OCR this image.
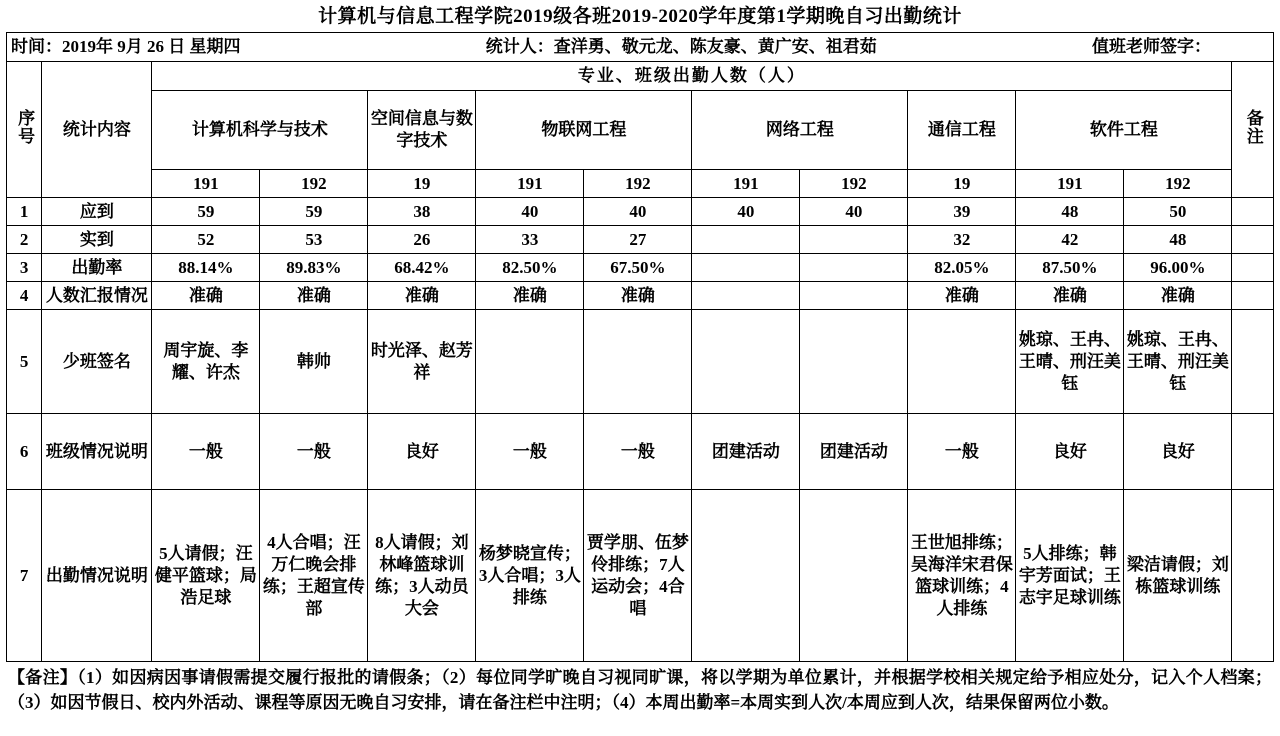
计算机与信息工程学院2019级各班2019-2020学年度第1学期晚自习出勤统计
时间：2019年 9月 26 日 星期四 统计人：查洋勇、敬元龙、陈友豪、黄广安、祖君茹 值班老师签字：												

序号	统计内容	专业、班级出勤人数（人）										备注
		计算机科学与技术		空间信息与数字技术	物联网工程		网络工程		通信工程	软件工程		
		191	192	19	191	192	191	192	19	191	192	
1	应到	59	59	38	40	40	40	40	39	48	50	
2	实到	52	53	26	33	27			32	42	48	
3	出勤率	88.14%	89.83%	68.42%	82.50%	67.50%			82.05%	87.50%	96.00%	
4	人数汇报情况	准确	准确	准确	准确	准确			准确	准确	准确	
5	少班签名	周宇旋、李耀、许杰	韩帅	时光泽、赵芳祥						姚琼、王冉、王晴、刑汪美钰	姚琼、王冉、王晴、刑汪美钰	
6	班级情况说明	一般	一般	良好	一般	一般	团建活动	团建活动	一般	良好	良好	
7	出勤情况说明	5人请假；汪健平篮球；局浩足球	4人合唱；汪万仁晚会排练；王超宣传部	8人请假；刘林峰篮球训练；3人动员大会	杨梦晓宣传；3人合唱；3人排练	贾学朋、伍梦伶排练；7人运动会；4合唱			王世旭排练；吴海洋宋君保篮球训练；4人排练	5人排练；韩宇芳面试；王志宇足球训练	梁洁请假；刘栋篮球训练	
【备注】（1）如因病因事请假需提交履行报批的请假条；（2）每位同学旷晚自习视同旷课，将以学期为单位累计，并根据学校相关规定给予相应处分，记入个人档案；（3）如因节假日、校内外活动、课程等原因无晚自习安排，请在备注栏中注明；（4）本周出勤率=本周实到人次/本周应到人次，结果保留两位小数。
